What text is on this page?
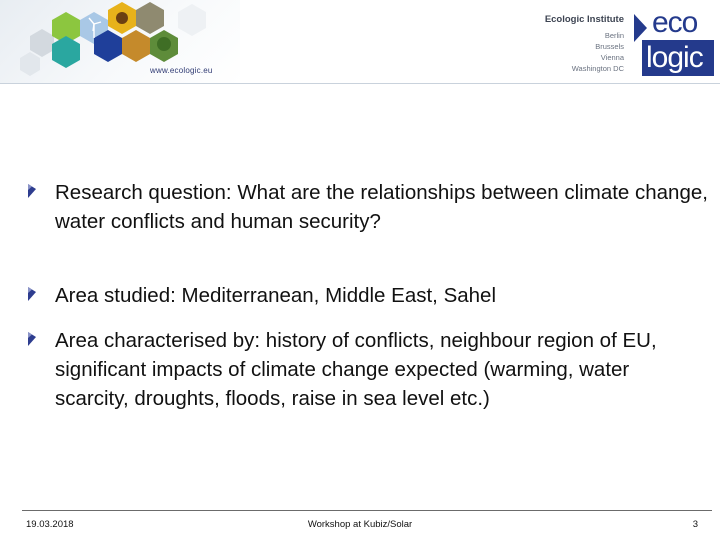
www.ecologic.eu
Ecologic Institute
Berlin
Brussels
Vienna
Washington DC
eco
logic
Research question: What are the relationships between climate change, water conflicts and human security?
Area studied: Mediterranean, Middle East, Sahel
Area characterised by: history of conflicts, neighbour region of EU, significant impacts of climate change expected (warming, water scarcity, droughts, floods, raise in sea level etc.)
19.03.2018	Workshop at Kubiz/Solar	3
